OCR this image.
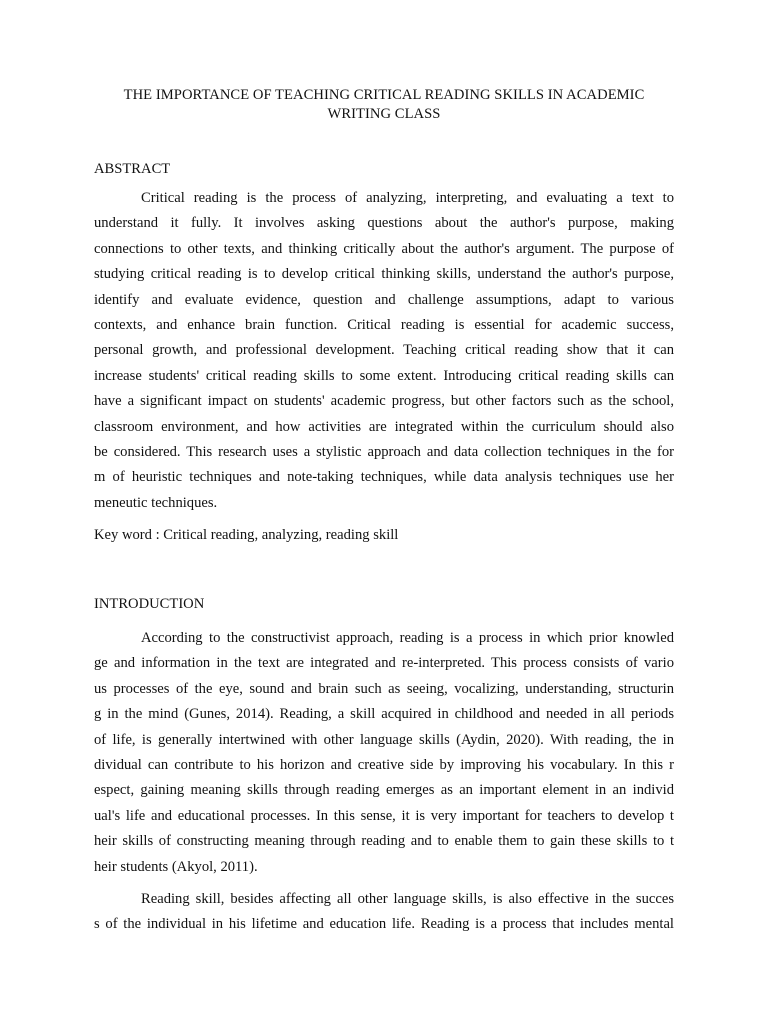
THE IMPORTANCE OF TEACHING CRITICAL READING SKILLS IN ACADEMIC
WRITING CLASS
ABSTRACT
Critical reading is the process of analyzing, interpreting, and evaluating a text to
understand it fully. It involves asking questions about the author's purpose, making
connections to other texts, and thinking critically about the author's argument. The purpose of
studying critical reading is to develop critical thinking skills, understand the author's purpose,
identify and evaluate evidence, question and challenge assumptions, adapt to various
contexts, and enhance brain function. Critical reading is essential for academic success,
personal growth, and professional development. Teaching critical reading show that it can
increase students' critical reading skills to some extent. Introducing critical reading skills can
have a significant impact on students' academic progress, but other factors such as the school,
classroom environment, and how activities are integrated within the curriculum should also
be considered. This research uses a stylistic approach and data collection techniques in the for
m of heuristic techniques and note-taking techniques, while data analysis techniques use her
meneutic techniques.
Key word : Critical reading, analyzing, reading skill
INTRODUCTION
According to the constructivist approach, reading is a process in which prior knowled
ge and information in the text are integrated and re-interpreted. This process consists of vario
us processes of the eye, sound and brain such as seeing, vocalizing, understanding, structurin
g in the mind (Gunes, 2014). Reading, a skill acquired in childhood and needed in all periods
of life, is generally intertwined with other language skills (Aydin, 2020). With reading, the in
dividual can contribute to his horizon and creative side by improving his vocabulary. In this r
espect, gaining meaning skills through reading emerges as an important element in an individ
ual's life and educational processes. In this sense, it is very important for teachers to develop t
heir skills of constructing meaning through reading and to enable them to gain these skills to t
heir students (Akyol, 2011).
Reading skill, besides affecting all other language skills, is also effective in the succes
s of the individual in his lifetime and education life. Reading is a process that includes mental
